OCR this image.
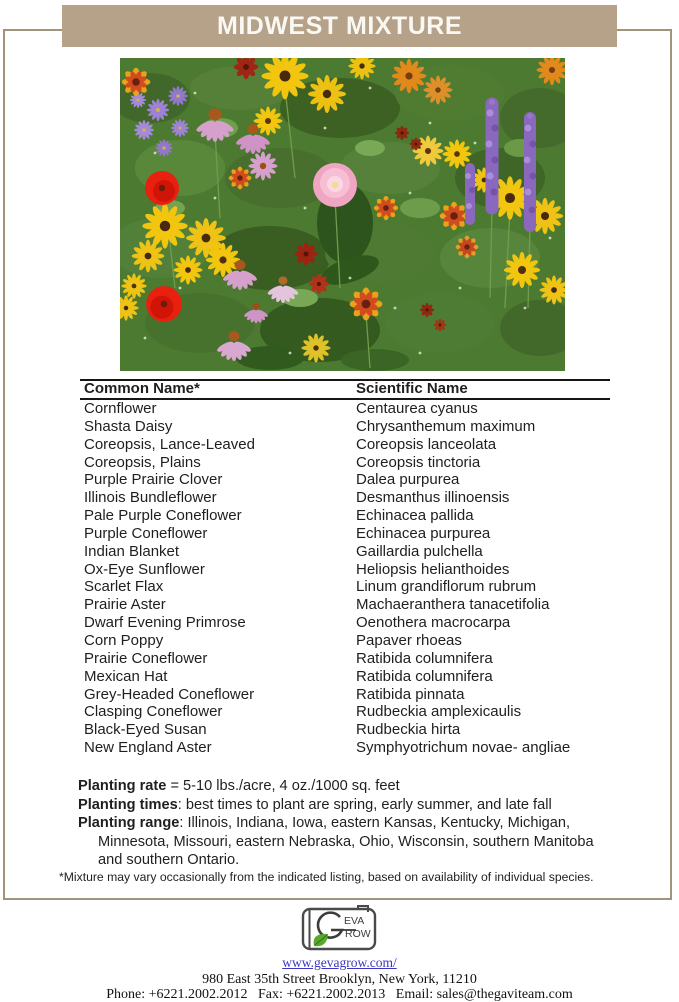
MIDWEST MIXTURE
Common Name*	Scientific Name
Cornflower	Centaurea cyanus
Shasta Daisy	Chrysanthemum maximum
Coreopsis, Lance-Leaved	Coreopsis lanceolata
Coreopsis, Plains	Coreopsis tinctoria
Purple Prairie Clover	Dalea purpurea
Illinois Bundleflower	Desmanthus illinoensis
Pale Purple Coneflower	Echinacea pallida
Purple Coneflower	Echinacea purpurea
Indian Blanket	Gaillardia pulchella
Ox-Eye Sunflower	Heliopsis helianthoides
Scarlet Flax	Linum grandiflorum rubrum
Prairie Aster	Machaeranthera tanacetifolia
Dwarf Evening Primrose	Oenothera macrocarpa
Corn Poppy	Papaver rhoeas
Prairie Coneflower	Ratibida columnifera
Mexican Hat	Ratibida columnifera
Grey-Headed Coneflower	Ratibida pinnata
Clasping Coneflower	Rudbeckia amplexicaulis
Black-Eyed Susan	Rudbeckia hirta
New England Aster	Symphyotrichum novae- angliae
Planting rate = 5-10 lbs./acre, 4 oz./1000 sq. feet
Planting times: best times to plant are spring, early summer, and late fall
Planting range: Illinois, Indiana, Iowa, eastern Kansas, Kentucky, Michigan, Minnesota, Missouri, eastern Nebraska, Ohio, Wisconsin, southern Manitoba and southern Ontario.
*Mixture may vary occasionally from the indicated listing, based on availability of individual species.
EVA
ROW
www.gevagrow.com/
980 East 35th Street Brooklyn, New York, 11210
Phone: +6221.2002.2012   Fax: +6221.2002.2013   Email: sales@thegaviteam.com
